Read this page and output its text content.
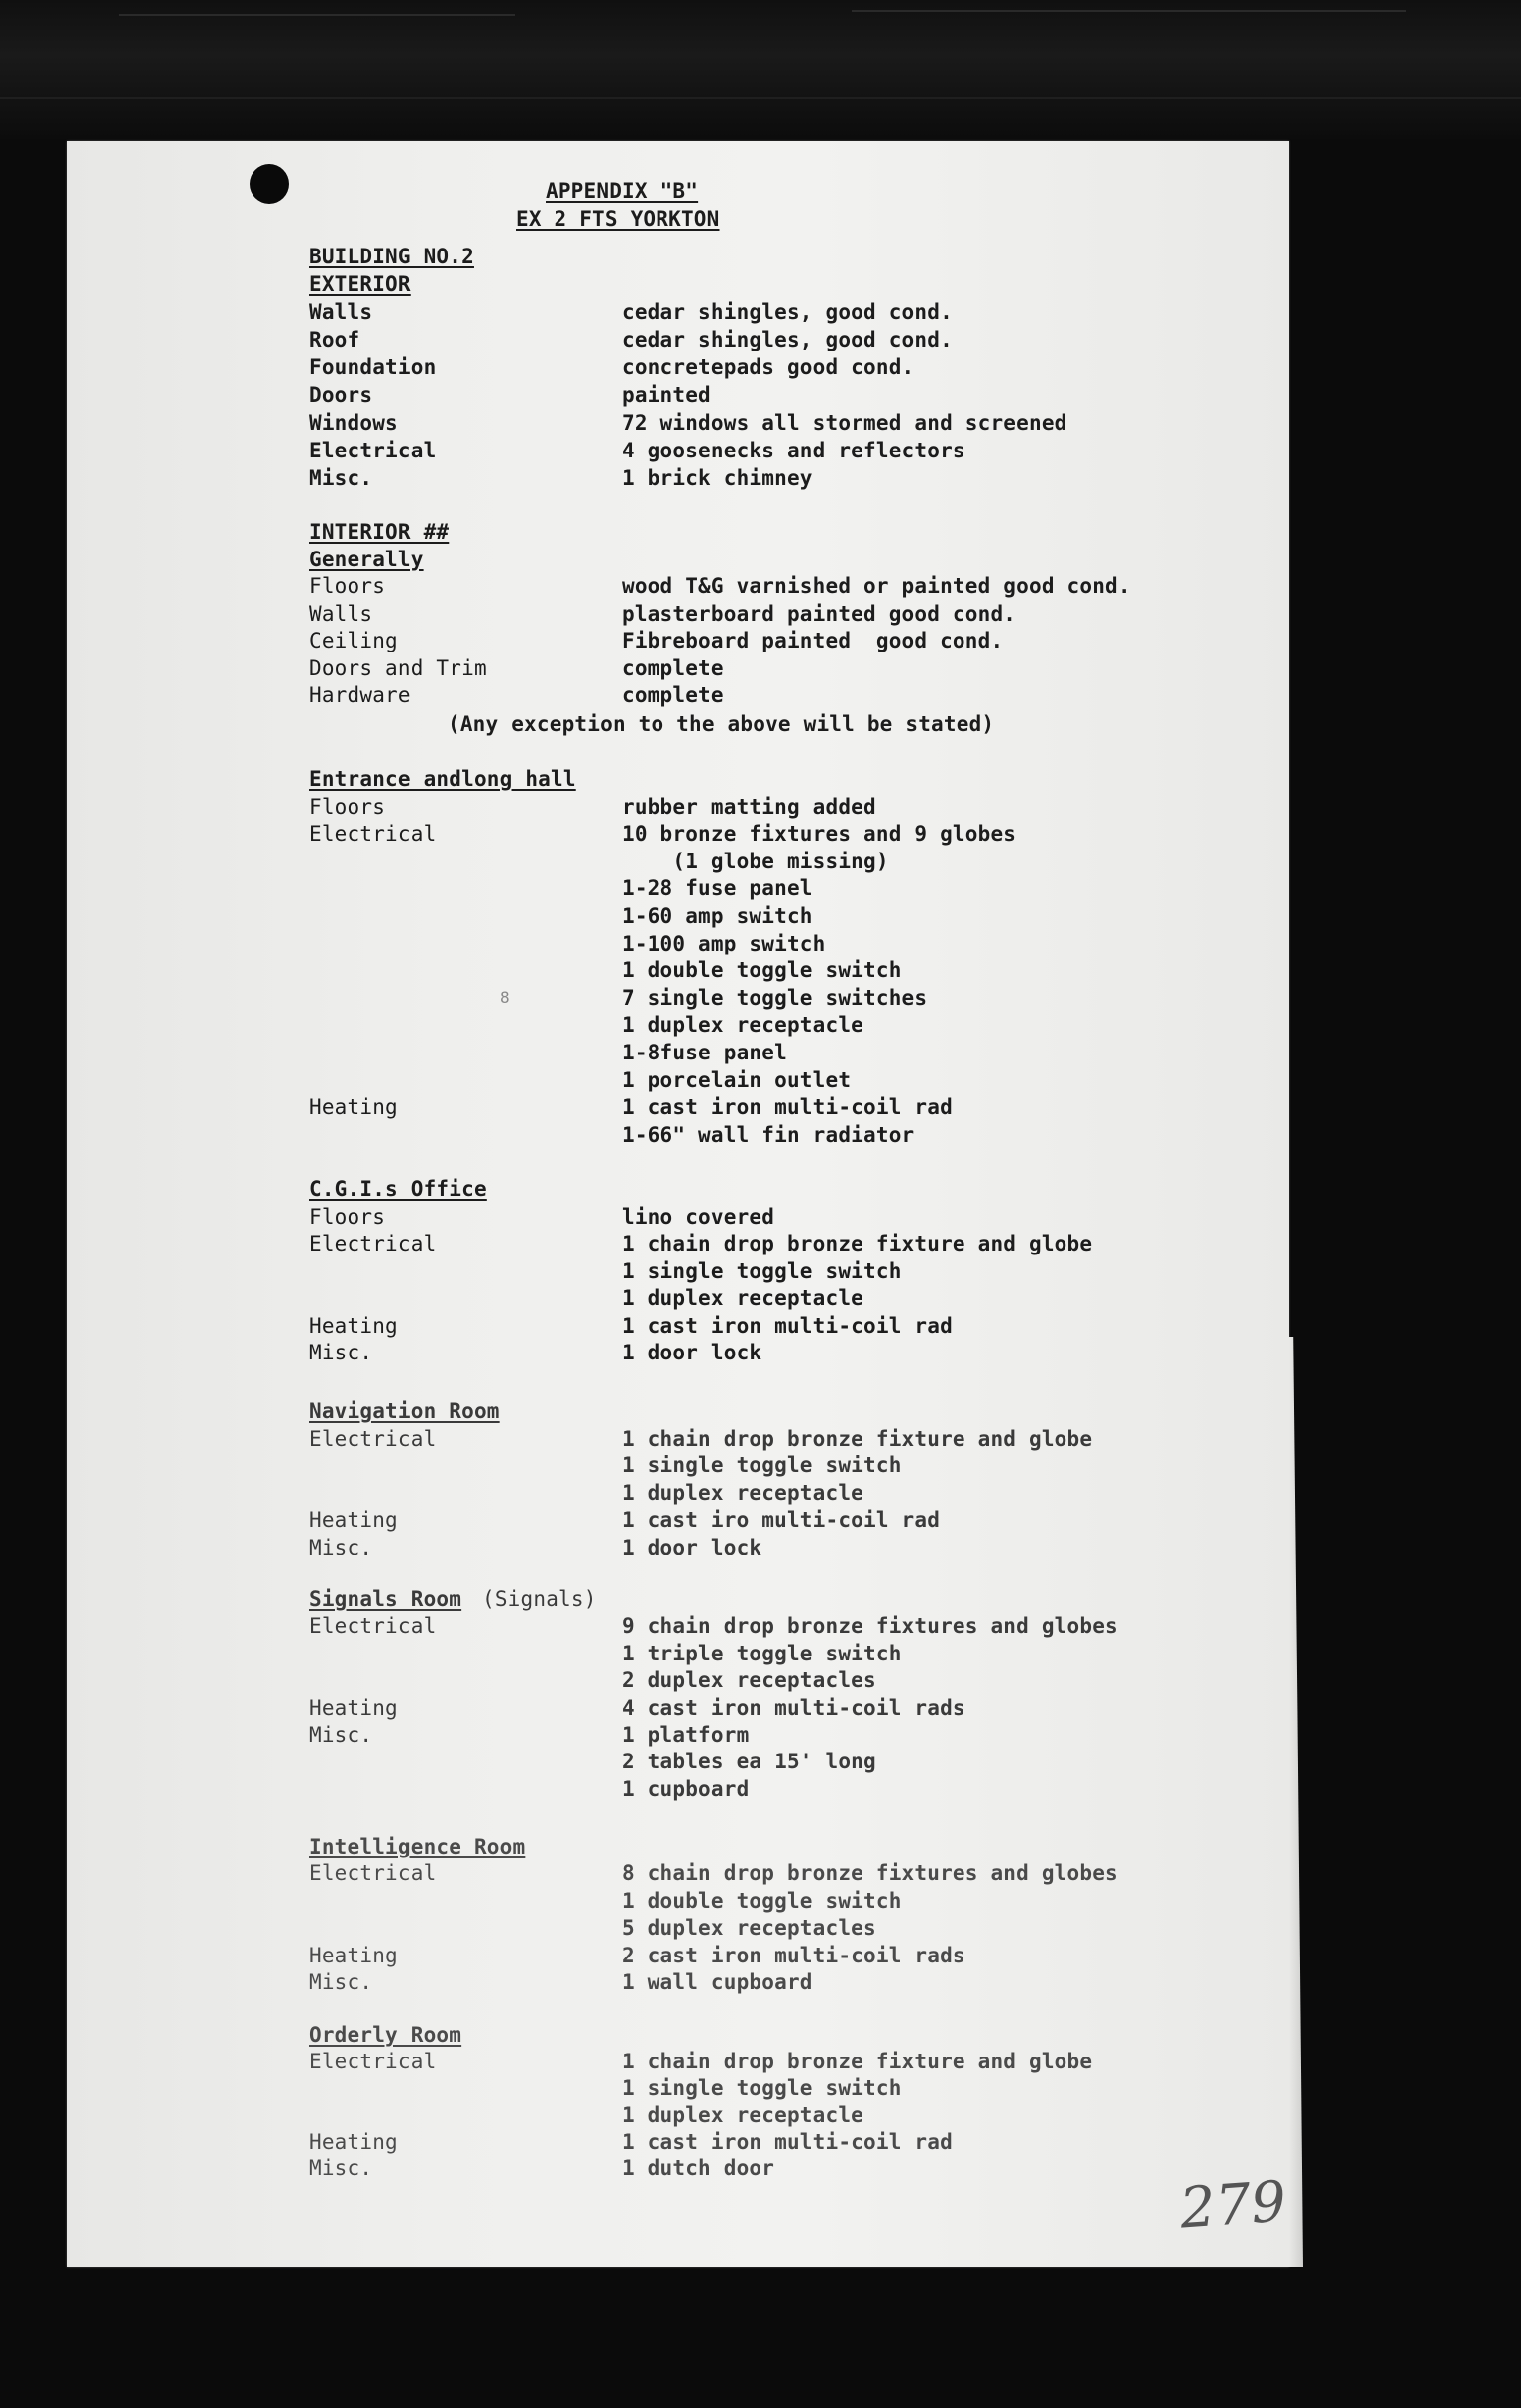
APPENDIX "B"
EX 2 FTS YORKTON
BUILDING NO.2
EXTERIOR
Walls	cedar shingles, good cond.
Roof	cedar shingles, good cond.
Foundation	concretepads good cond.
Doors	painted
Windows	72 windows all stormed and screened
Electrical	4 goosenecks and reflectors
Misc.	1 brick chimney
INTERIOR ##
Generally
Floors	wood T&G varnished or painted good cond.
Walls	plasterboard painted good cond.
Ceiling	Fibreboard painted  good cond.
Doors and Trim	complete
Hardware	complete
(Any exception to the above will be stated)
Entrance andlong hall
Floors	rubber matting added
Electrical	10 bronze fixtures and 9 globes
(1 globe missing)
1-28 fuse panel
1-60 amp switch
1-100 amp switch
1 double toggle switch
7 single toggle switches
1 duplex receptacle
1-8fuse panel
1 porcelain outlet
Heating	1 cast iron multi-coil rad
1-66" wall fin radiator
C.G.I.s Office
Floors	lino covered
Electrical	1 chain drop bronze fixture and globe
1 single toggle switch
1 duplex receptacle
Heating	1 cast iron multi-coil rad
Misc.	1 door lock
Navigation Room
Electrical	1 chain drop bronze fixture and globe
1 single toggle switch
1 duplex receptacle
Heating	1 cast iro multi-coil rad
Misc.	1 door lock
Signals Room (Signals)
Electrical	9 chain drop bronze fixtures and globes
1 triple toggle switch
2 duplex receptacles
Heating	4 cast iron multi-coil rads
Misc.	1 platform
2 tables ea 15' long
1 cupboard
Intelligence Room
Electrical	8 chain drop bronze fixtures and globes
1 double toggle switch
5 duplex receptacles
Heating	2 cast iron multi-coil rads
Misc.	1 wall cupboard
Orderly Room
Electrical	1 chain drop bronze fixture and globe
1 single toggle switch
1 duplex receptacle
Heating	1 cast iron multi-coil rad
Misc.	1 dutch door
279
8
